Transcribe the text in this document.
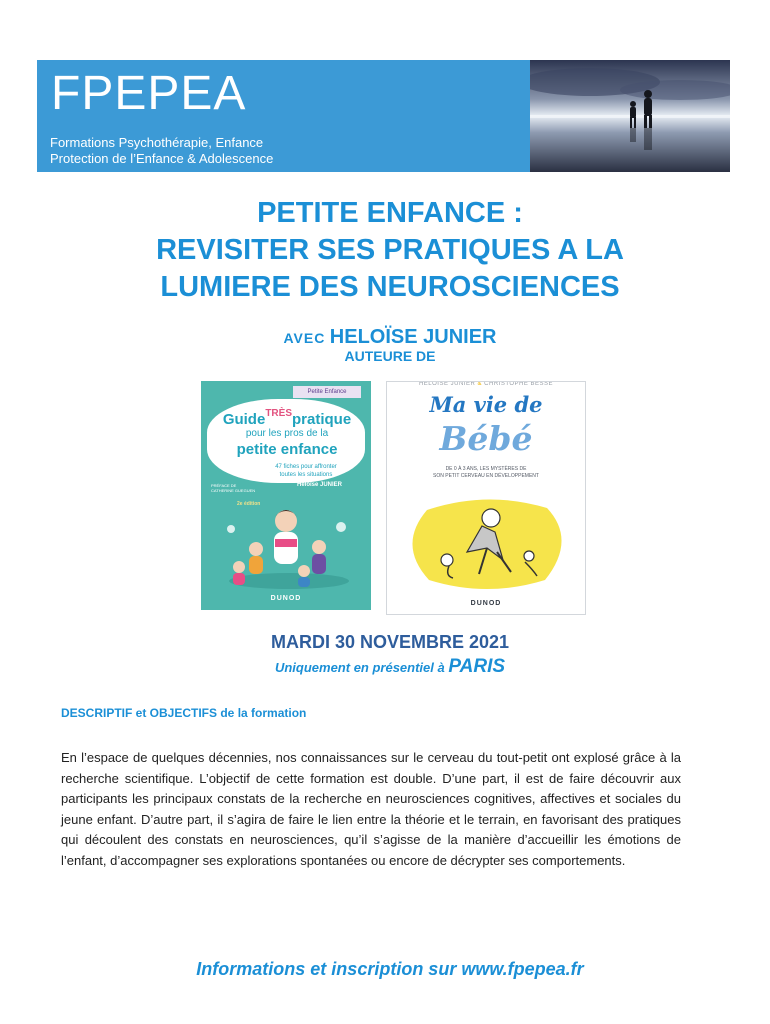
FPEPEA
Formations Psychothérapie, Enfance
Protection de l’Enfance & Adolescence
PETITE ENFANCE :
REVISITER SES PRATIQUES A LA
LUMIERE DES NEUROSCIENCES
AVEC HELOÏSE JUNIER
AUTEURE DE
Petite Enfance
Guide$^{TRÈS}$pratique
pour les pros de la
petite enfance
47 fiches pour affronter
toutes les situations
PRÉFACE DE
CATHERINE GUEGUEN
Héloïse JUNIER
2e édition
DUNOD
HÉLOÏSE JUNIER & CHRISTOPHE BESSE
Ma vie de
Bébé
DE 0 À 3 ANS, LES MYSTÈRES DE
SON PETIT CERVEAU EN DÉVELOPPEMENT
DUNOD
MARDI 30 NOVEMBRE 2021
Uniquement en présentiel à PARIS
DESCRIPTIF et OBJECTIFS de la formation
En l’espace de quelques décennies, nos connaissances sur le cerveau du tout-petit ont explosé grâce à la recherche scientifique. L’objectif de cette formation est double. D’une part, il est de faire découvrir aux participants les principaux constats de la recherche en neurosciences cognitives, affectives et sociales du jeune enfant. D’autre part, il s’agira de faire le lien entre la théorie et le terrain, en favorisant des pratiques qui découlent des constats en neurosciences, qu’il s’agisse de la manière d’accueillir les émotions de l’enfant, d’accompagner ses explorations spontanées ou encore de décrypter ses comportements.
Informations et inscription sur www.fpepea.fr
